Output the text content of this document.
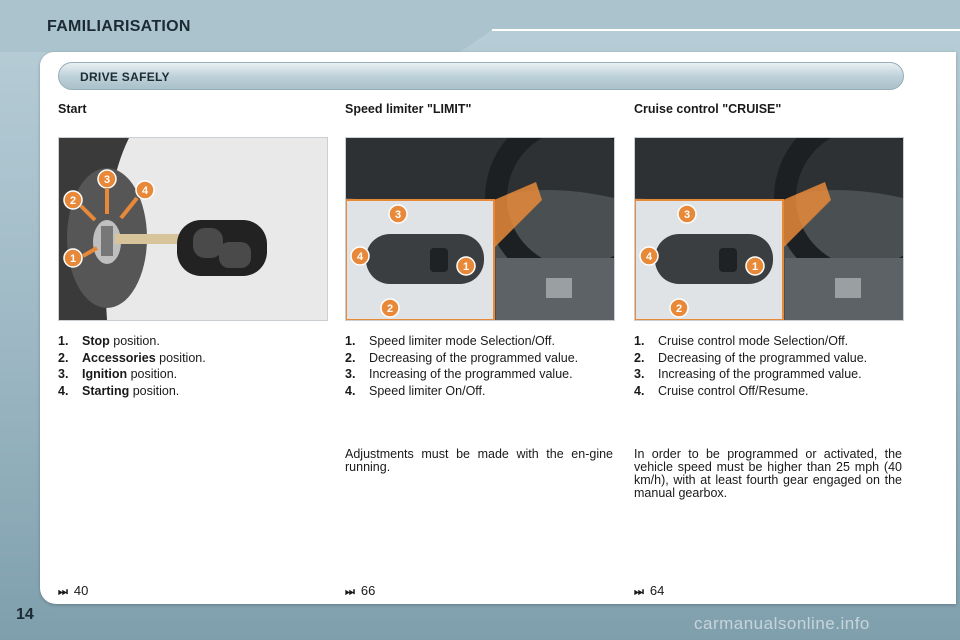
FAMILIARISATION
DRIVE SAFELY
Start
1
2
3
4
1. Stop position.
2. Accessories position.
3. Ignition position.
4. Starting position.
⏭ 40
Speed limiter "LIMIT"
1
2
3
4
1. Speed limiter mode Selection/Off.
2. Decreasing of the programmed value.
3. Increasing of the programmed value.
4. Speed limiter On/Off.
Adjustments must be made with the en-gine running.
⏭ 66
Cruise control "CRUISE"
1
2
3
4
1. Cruise control mode Selection/Off.
2. Decreasing of the programmed value.
3. Increasing of the programmed value.
4. Cruise control Off/Resume.
In order to be programmed or activated, the vehicle speed must be higher than 25 mph (40 km/h), with at least fourth gear engaged on the manual gearbox.
⏭ 64
14	carmanualsonline.info
